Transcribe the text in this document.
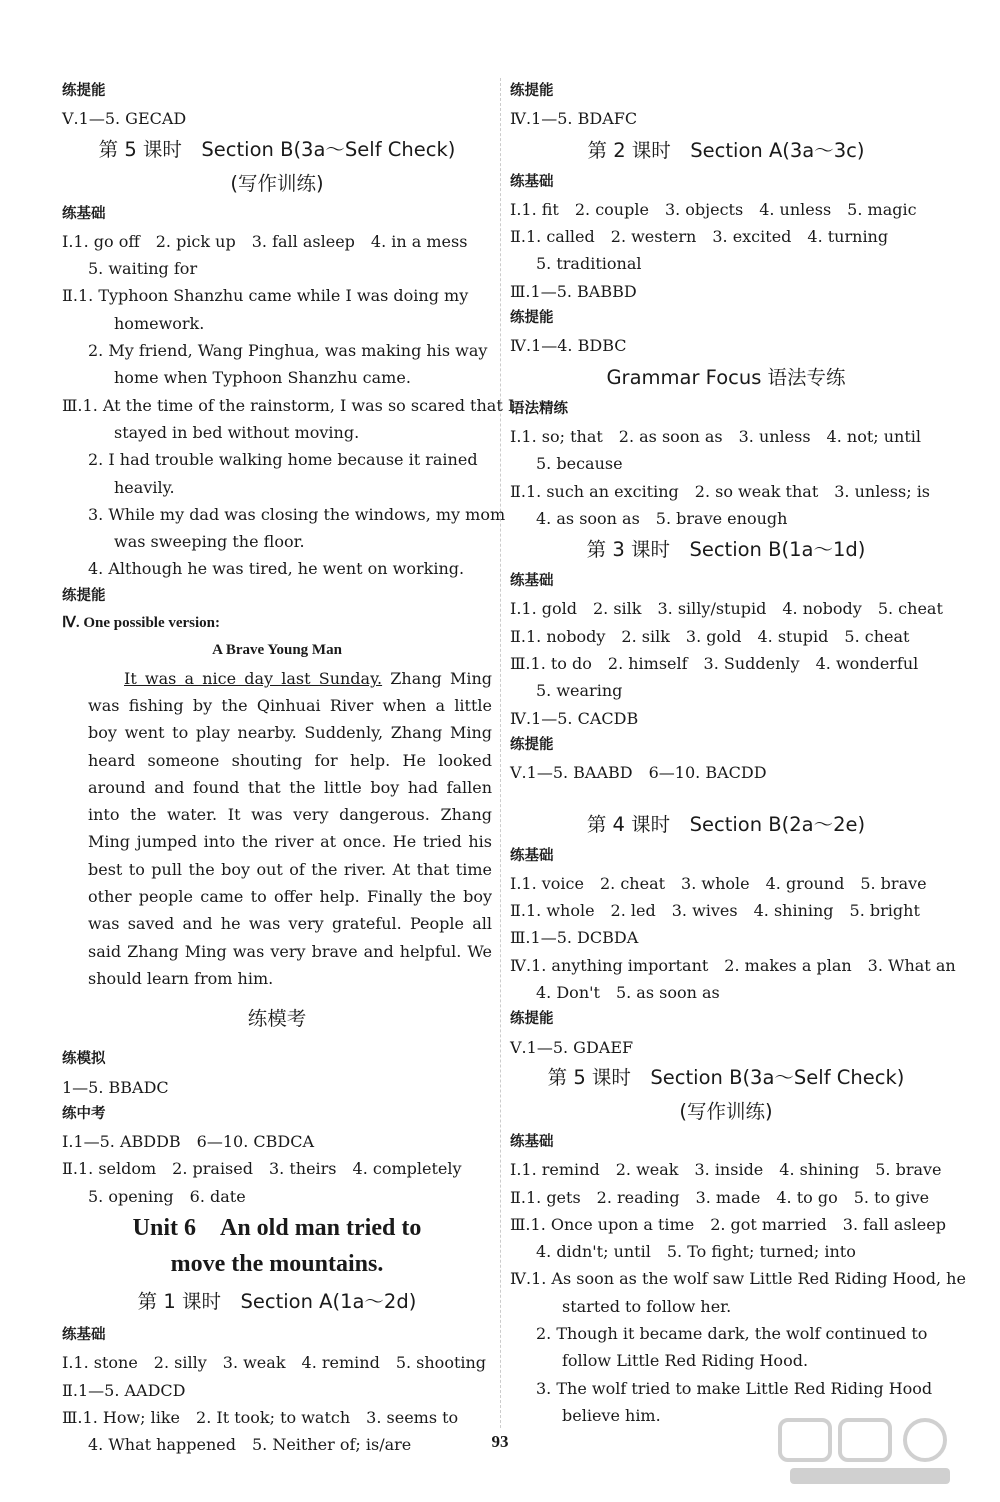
练提能
Ⅴ.1—5. GECAD
第 5 课时　Section B(3a～Self Check)
(写作训练)
练基础
Ⅰ.1. go off　2. pick up　3. fall asleep　4. in a mess
5. waiting for
Ⅱ.1. Typhoon Shanzhu came while I was doing my
homework.
2. My friend, Wang Pinghua, was making his way
home when Typhoon Shanzhu came.
Ⅲ.1. At the time of the rainstorm, I was so scared that I
stayed in bed without moving.
2. I had trouble walking home because it rained
heavily.
3. While my dad was closing the windows, my mom
was sweeping the floor.
4. Although he was tired, he went on working.
练提能
Ⅳ. One possible version:
A Brave Young Man
It was a nice day last Sunday. Zhang Ming was fishing by the Qinhuai River when a little boy went to play nearby. Suddenly, Zhang Ming heard someone shouting for help. He looked around and found that the little boy had fallen into the water. It was very dangerous. Zhang Ming jumped into the river at once. He tried his best to pull the boy out of the river. At that time other people came to offer help. Finally the boy was saved and he was very grateful. People all said Zhang Ming was very brave and helpful. We should learn from him.
练模考
练模拟
1—5. BBADC
练中考
Ⅰ.1—5. ABDDB　6—10. CBDCA
Ⅱ.1. seldom　2. praised　3. theirs　4. completely
5. opening　6. date
Unit 6　An old man tried to
move the mountains.
第 1 课时　Section A(1a～2d)
练基础
Ⅰ.1. stone　2. silly　3. weak　4. remind　5. shooting
Ⅱ.1—5. AADCD
Ⅲ.1. How; like　2. It took; to watch　3. seems to
4. What happened　5. Neither of; is/are
练提能
Ⅳ.1—5. BDAFC
第 2 课时　Section A(3a～3c)
练基础
Ⅰ.1. fit　2. couple　3. objects　4. unless　5. magic
Ⅱ.1. called　2. western　3. excited　4. turning
5. traditional
Ⅲ.1—5. BABBD
练提能
Ⅳ.1—4. BDBC
Grammar Focus 语法专练
语法精练
Ⅰ.1. so; that　2. as soon as　3. unless　4. not; until
5. because
Ⅱ.1. such an exciting　2. so weak that　3. unless; is
4. as soon as　5. brave enough
第 3 课时　Section B(1a～1d)
练基础
Ⅰ.1. gold　2. silk　3. silly/stupid　4. nobody　5. cheat
Ⅱ.1. nobody　2. silk　3. gold　4. stupid　5. cheat
Ⅲ.1. to do　2. himself　3. Suddenly　4. wonderful
5. wearing
Ⅳ.1—5. CACDB
练提能
Ⅴ.1—5. BAABD　6—10. BACDD
第 4 课时　Section B(2a～2e)
练基础
Ⅰ.1. voice　2. cheat　3. whole　4. ground　5. brave
Ⅱ.1. whole　2. led　3. wives　4. shining　5. bright
Ⅲ.1—5. DCBDA
Ⅳ.1. anything important　2. makes a plan　3. What an
4. Don't　5. as soon as
练提能
Ⅴ.1—5. GDAEF
第 5 课时　Section B(3a～Self Check)
(写作训练)
练基础
Ⅰ.1. remind　2. weak　3. inside　4. shining　5. brave
Ⅱ.1. gets　2. reading　3. made　4. to go　5. to give
Ⅲ.1. Once upon a time　2. got married　3. fall asleep
4. didn't; until　5. To fight; turned; into
Ⅳ.1. As soon as the wolf saw Little Red Riding Hood, he
started to follow her.
2. Though it became dark, the wolf continued to
follow Little Red Riding Hood.
3. The wolf tried to make Little Red Riding Hood
believe him.
93
